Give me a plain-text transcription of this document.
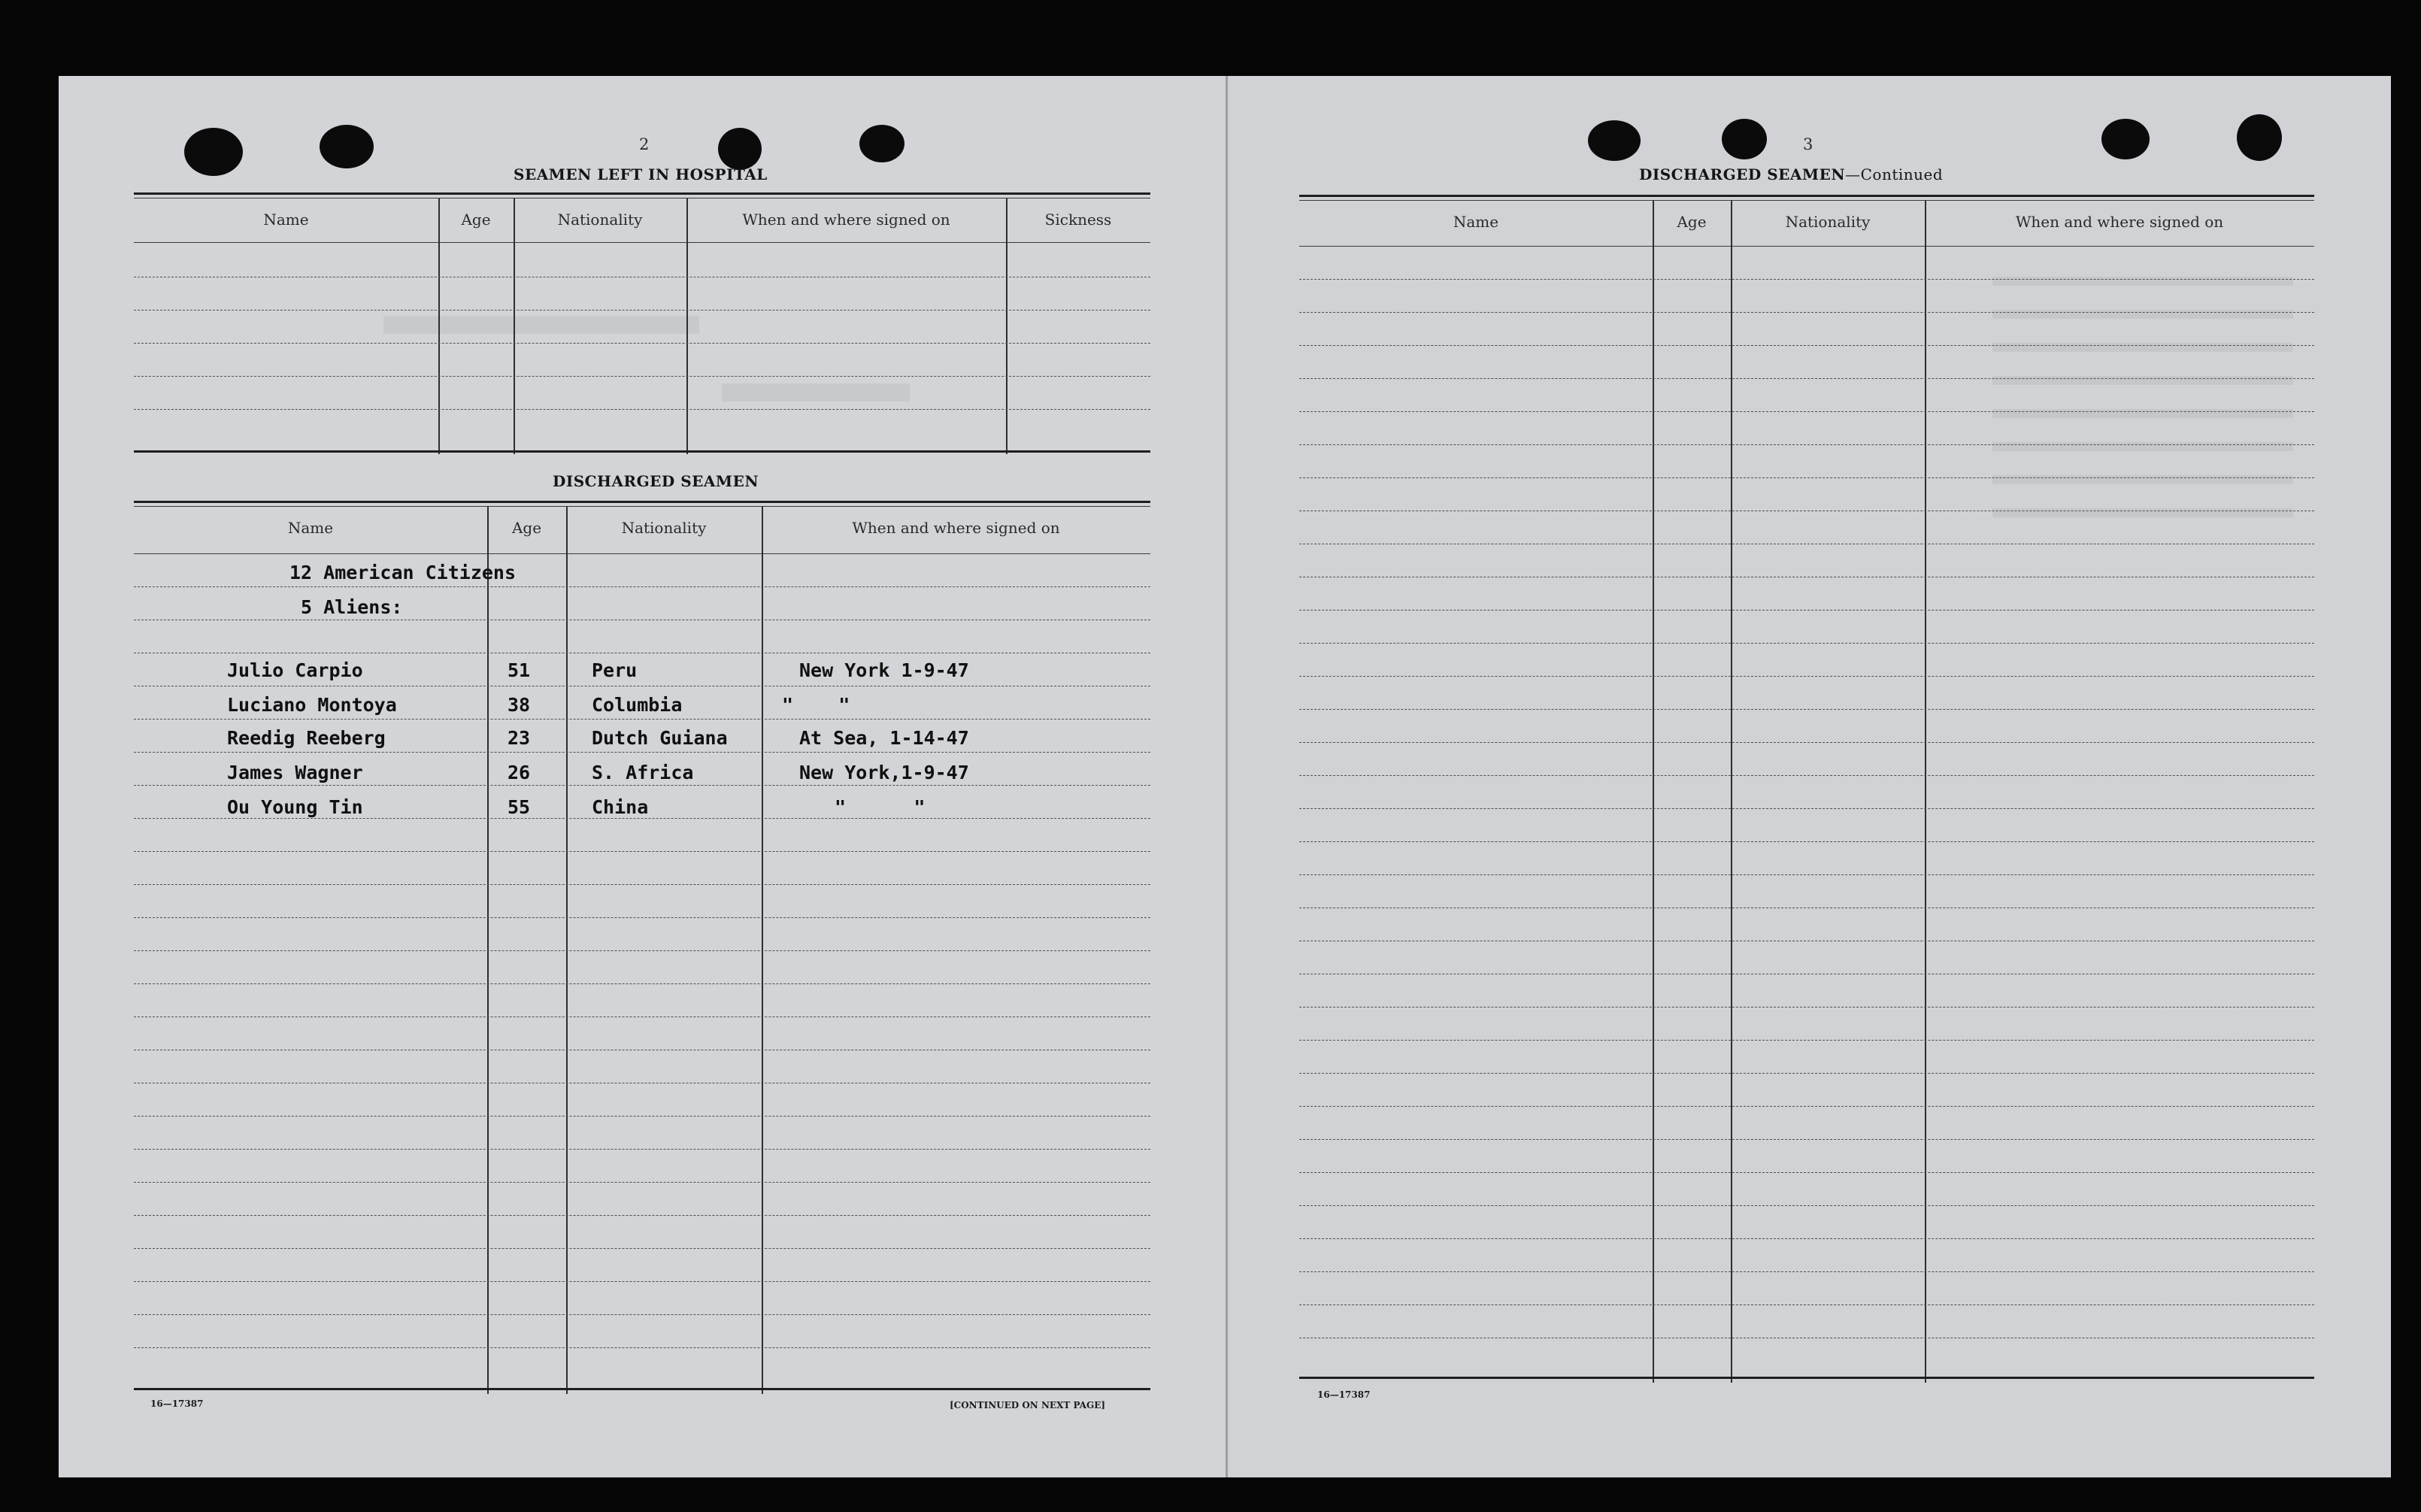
2
SEAMEN LEFT IN HOSPITAL
Name	Age	Nationality	When and where signed on	Sickness
DISCHARGED SEAMEN
Name	Age	Nationality	When and where signed on
12 American Citizens
5 Aliens:
Julio Carpio	51	Peru	New York 1-9-47
Luciano Montoya	38	Columbia	"    "
Reedig Reeberg	23	Dutch Guiana	At Sea, 1-14-47
James Wagner	26	S. Africa	New York,1-9-47
Ou Young Tin	55	China	"      "
16—17387	[CONTINUED ON NEXT PAGE]
3
DISCHARGED SEAMEN—Continued
Name	Age	Nationality	When and where signed on
16—17387
